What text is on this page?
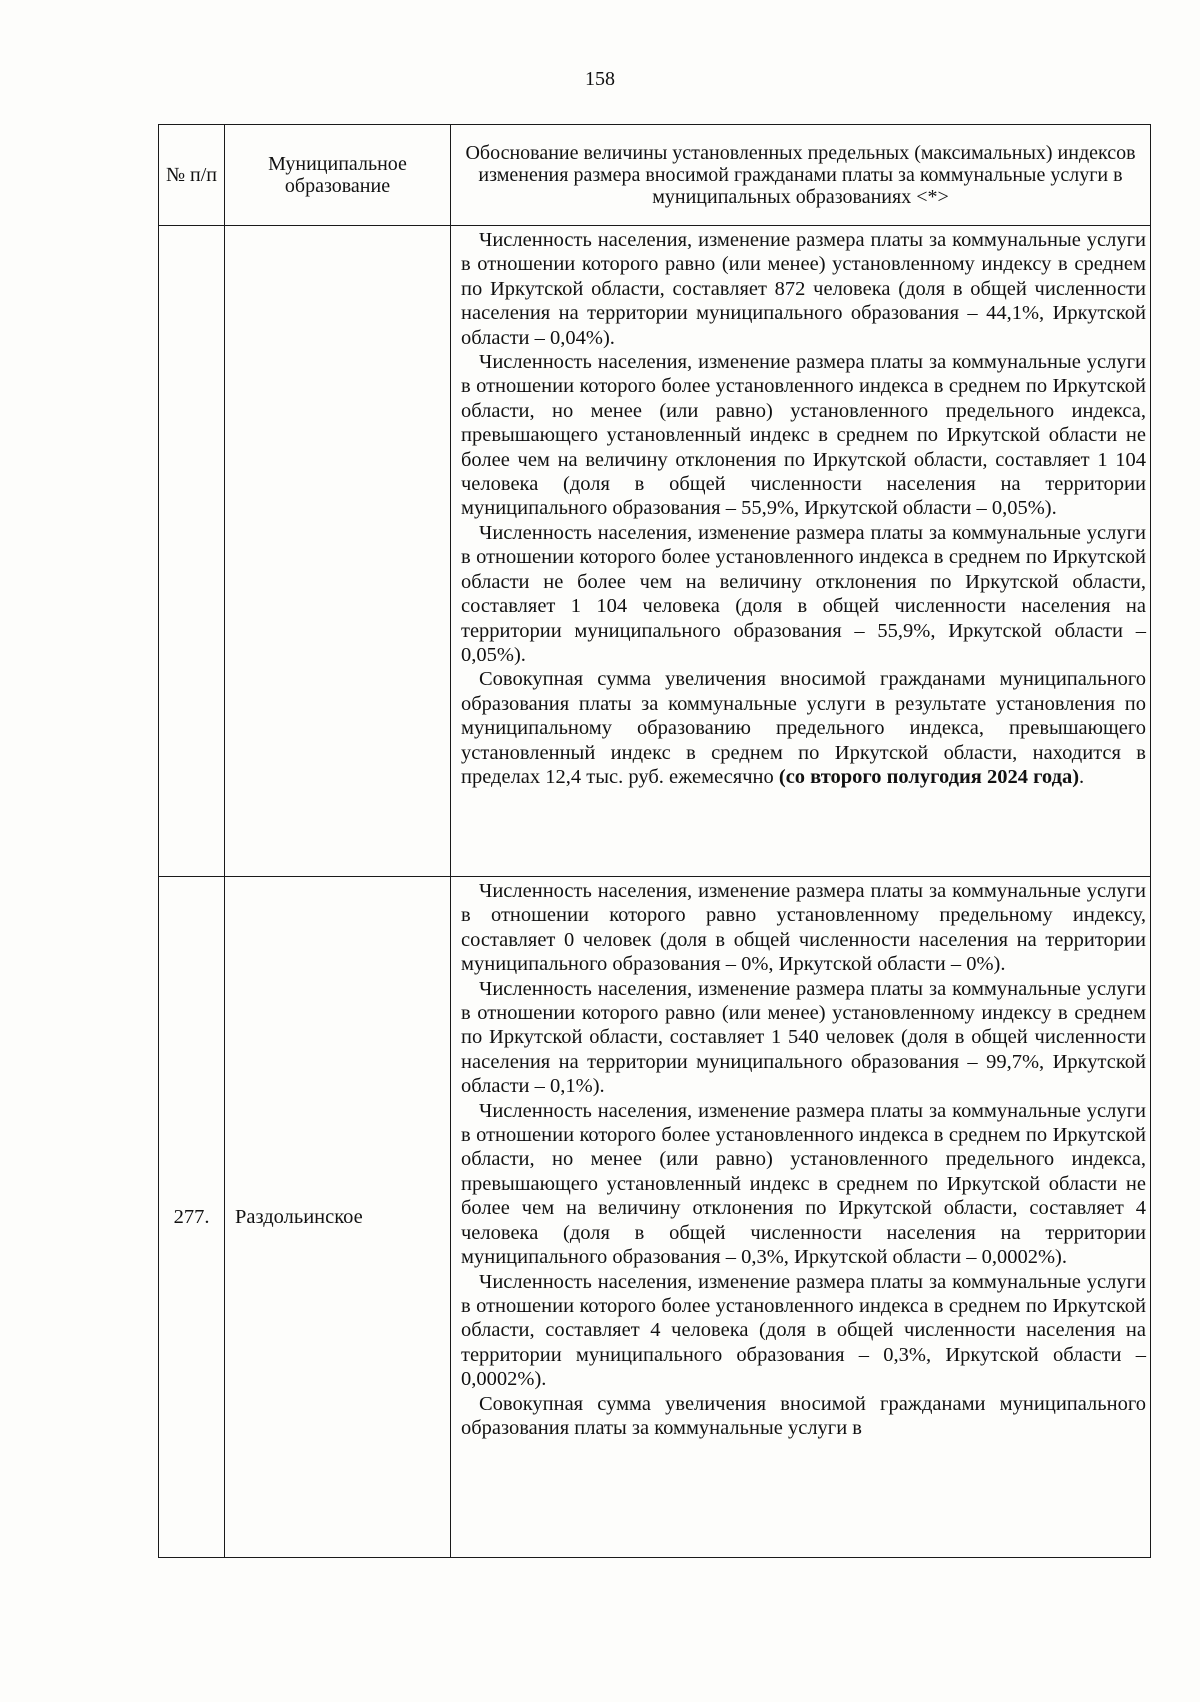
158
№ п/п	Муниципальное образование	Обоснование величины установленных предельных (максимальных) индексов изменения размера вносимой гражданами платы за коммунальные услуги в муниципальных образованиях <*>

		Численность населения, изменение размера платы за коммунальные услуги в отношении которого равно (или менее) установленному индексу в среднем по Иркутской области, составляет 872 человека (доля в общей численности населения на территории муниципального образования – 44,1%, Иркутской области – 0,04%).

Численность населения, изменение размера платы за коммунальные услуги в отношении которого более установленного индекса в среднем по Иркутской области, но менее (или равно) установленного предельного индекса, превышающего установленный индекс в среднем по Иркутской области не более чем на величину отклонения по Иркутской области, составляет 1 104 человека (доля в общей численности населения на территории муниципального образования – 55,9%, Иркутской области – 0,05%).

Численность населения, изменение размера платы за коммунальные услуги в отношении которого более установленного индекса в среднем по Иркутской области не более чем на величину отклонения по Иркутской области, составляет 1 104 человека (доля в общей численности населения на территории муниципального образования – 55,9%, Иркутской области – 0,05%).

Совокупная сумма увеличения вносимой гражданами муниципального образования платы за коммунальные услуги в результате установления по муниципальному образованию предельного индекса, превышающего установленный индекс в среднем по Иркутской области, находится в пределах 12,4 тыс. руб. ежемесячно (со второго полугодия 2024 года).

277.	Раздольинское	Численность населения, изменение размера платы за коммунальные услуги в отношении которого равно установленному предельному индексу, составляет 0 человек (доля в общей численности населения на территории муниципального образования – 0%, Иркутской области – 0%).

Численность населения, изменение размера платы за коммунальные услуги в отношении которого равно (или менее) установленному индексу в среднем по Иркутской области, составляет 1 540 человек (доля в общей численности населения на территории муниципального образования – 99,7%, Иркутской области – 0,1%).

Численность населения, изменение размера платы за коммунальные услуги в отношении которого более установленного индекса в среднем по Иркутской области, но менее (или равно) установленного предельного индекса, превышающего установленный индекс в среднем по Иркутской области не более чем на величину отклонения по Иркутской области, составляет 4 человека (доля в общей численности населения на территории муниципального образования – 0,3%, Иркутской области – 0,0002%).

Численность населения, изменение размера платы за коммунальные услуги в отношении которого более установленного индекса в среднем по Иркутской области, составляет 4 человека (доля в общей численности населения на территории муниципального образования – 0,3%, Иркутской области – 0,0002%).

Совокупная сумма увеличения вносимой гражданами муниципального образования платы за коммунальные услуги в
